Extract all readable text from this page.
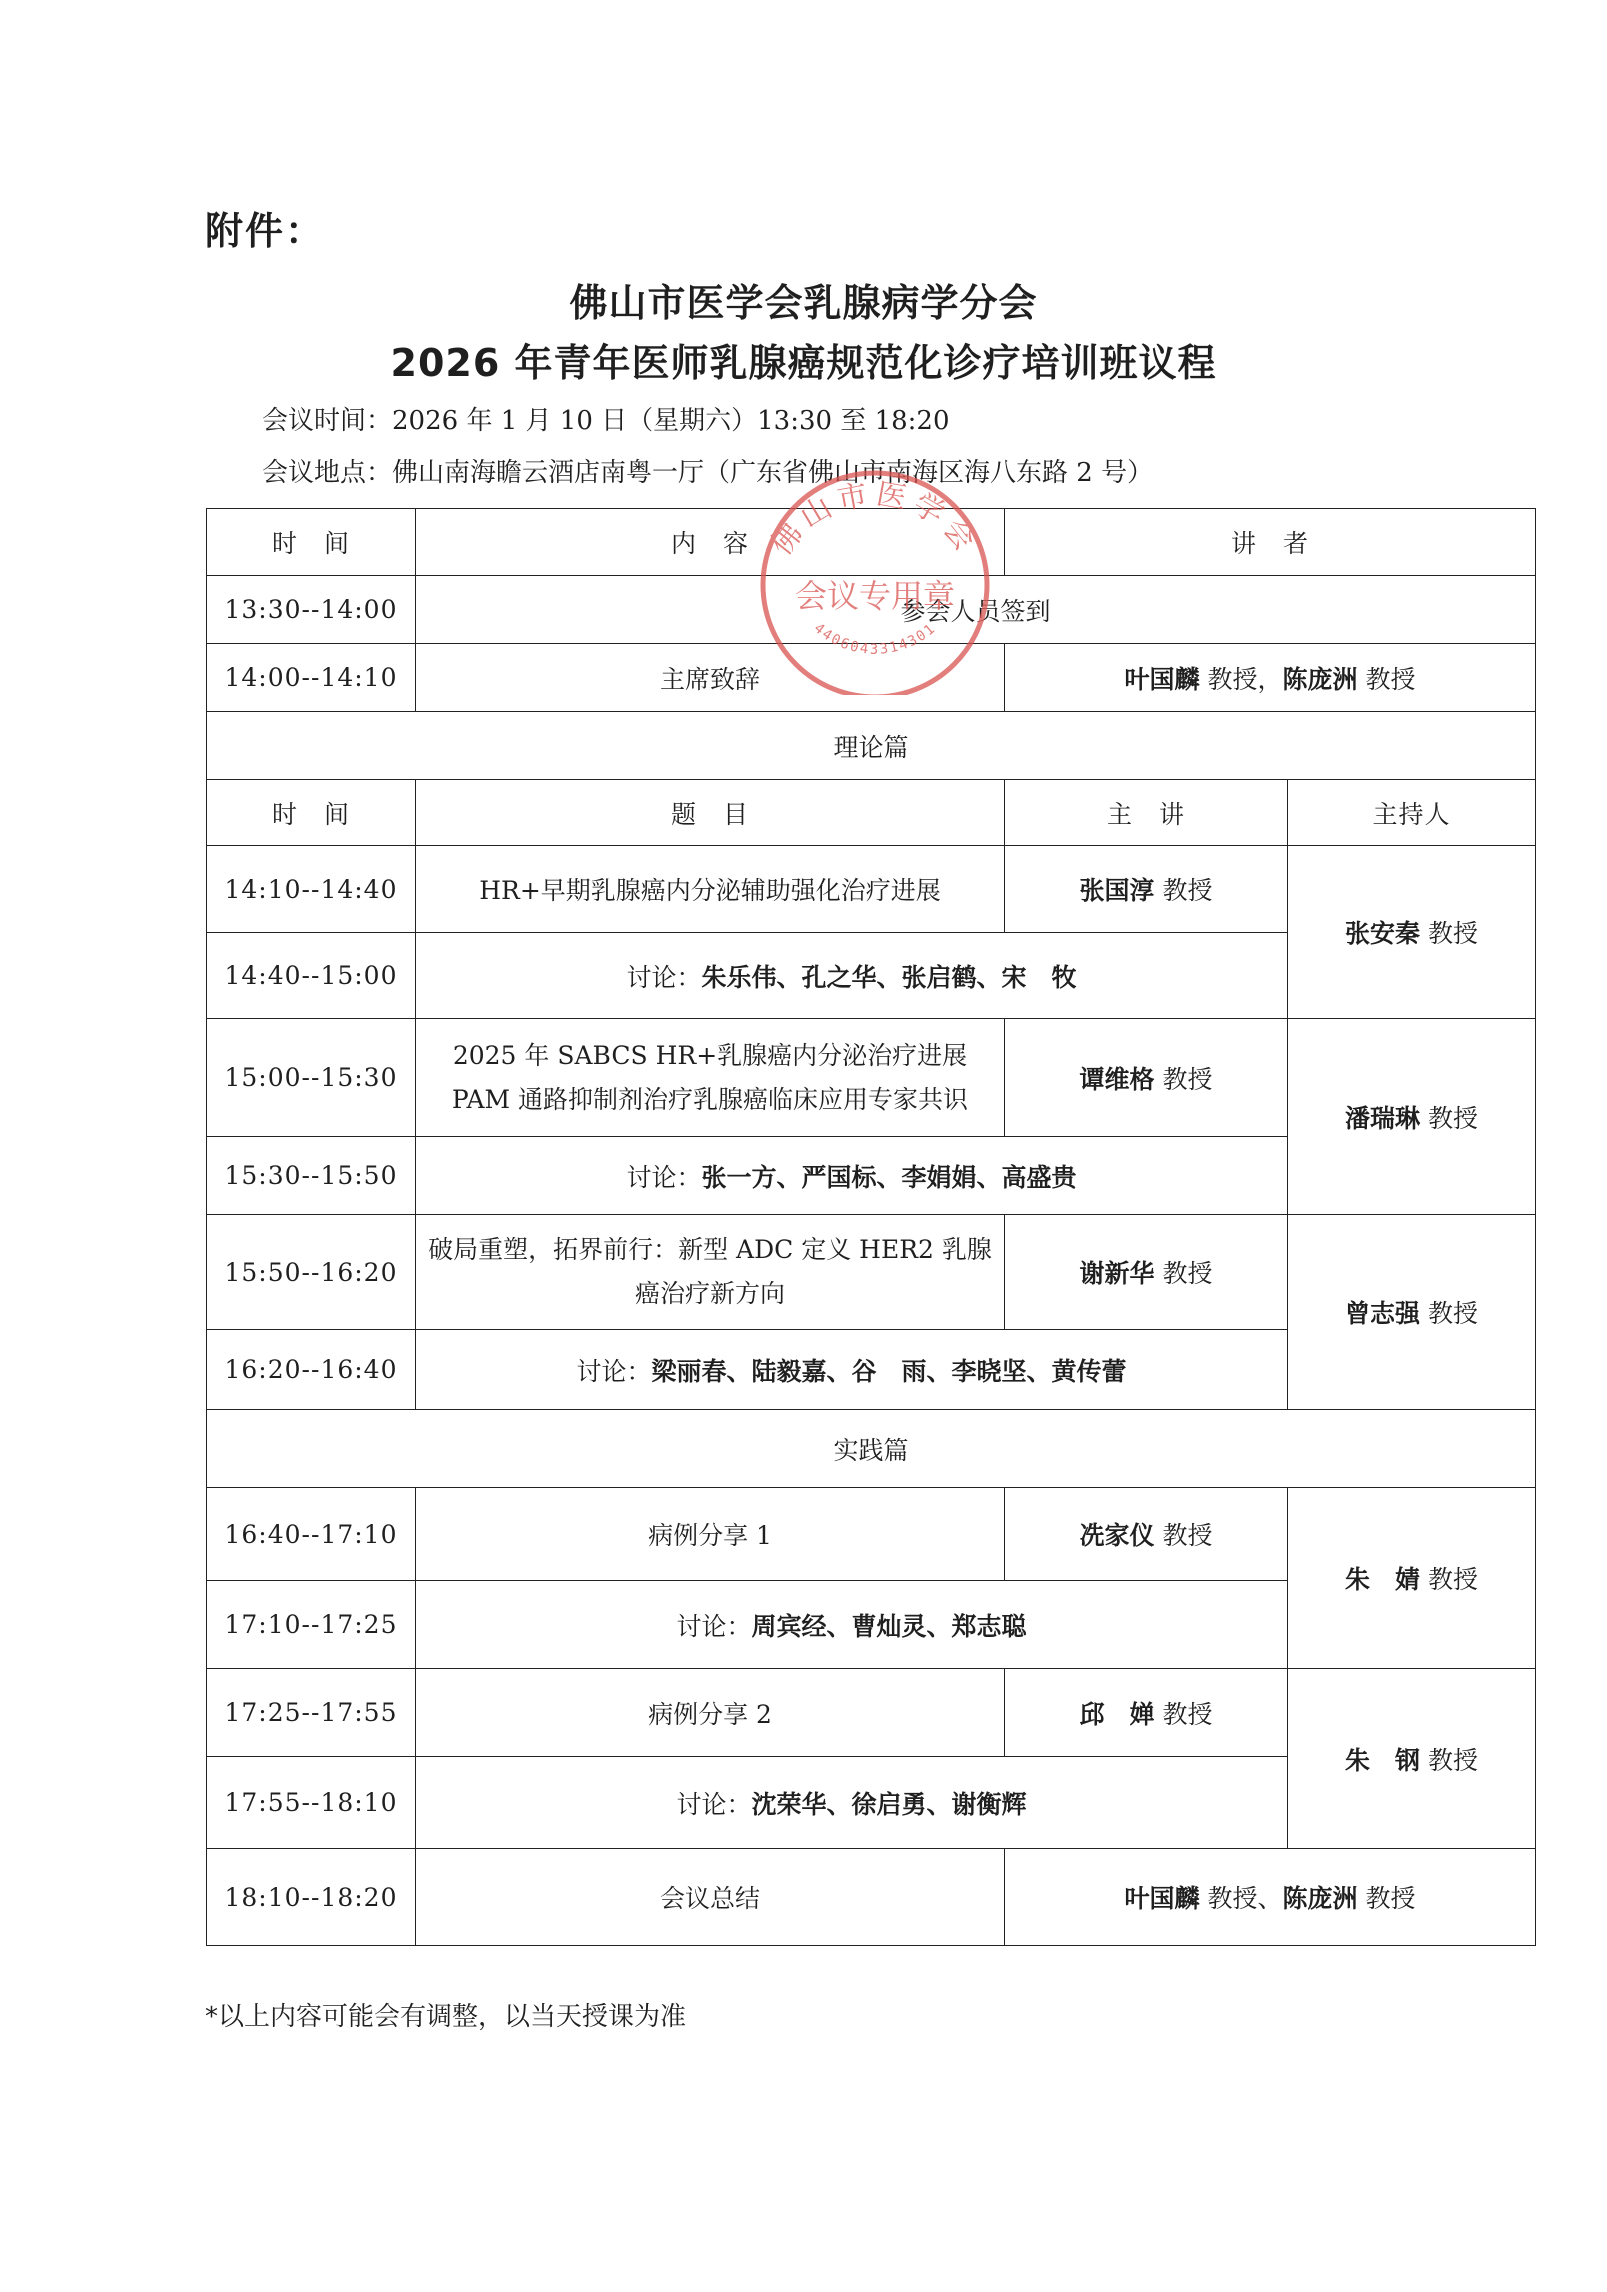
附件：
佛山市医学会乳腺病学分会
2026 年青年医师乳腺癌规范化诊疗培训班议程
会议时间：2026 年 1 月 10 日（星期六）13:30 至 18:20
会议地点：佛山南海瞻云酒店南粤一厅（广东省佛山市南海区海八东路 2 号）
时　间	内　容	讲　者	
13:30--14:00	参会人员签到		
14:00--14:10	主席致辞	叶国麟 教授，陈庞洲 教授	
理论篇			
时　间	题　目	主　讲	主持人
14:10--14:40	HR+早期乳腺癌内分泌辅助强化治疗进展	张国淳 教授	张安秦 教授
14:40--15:00	讨论：朱乐伟、孔之华、张启鹤、宋　牧		
15:00--15:30	2025 年 SABCS HR+乳腺癌内分泌治疗进展 PAM 通路抑制剂治疗乳腺癌临床应用专家共识	谭维格 教授	潘瑞琳 教授
15:30--15:50	讨论：张一方、严国标、李娟娟、高盛贵		
15:50--16:20	破局重塑，拓界前行：新型 ADC 定义 HER2 乳腺癌治疗新方向	谢新华 教授	曾志强 教授
16:20--16:40	讨论：梁丽春、陆毅嘉、谷　雨、李晓坚、黄传蕾		
实践篇			
16:40--17:10	病例分享 1	冼家仪 教授	朱　婧 教授
17:10--17:25	讨论：周宾经、曹灿灵、郑志聪		
17:25--17:55	病例分享 2	邱　婵 教授	朱　钢 教授
17:55--18:10	讨论：沈荣华、徐启勇、谢衡辉		
18:10--18:20	会议总结	叶国麟 教授、陈庞洲 教授	
佛山市医学会
会议专用章
4406043314301
*以上内容可能会有调整，以当天授课为准
